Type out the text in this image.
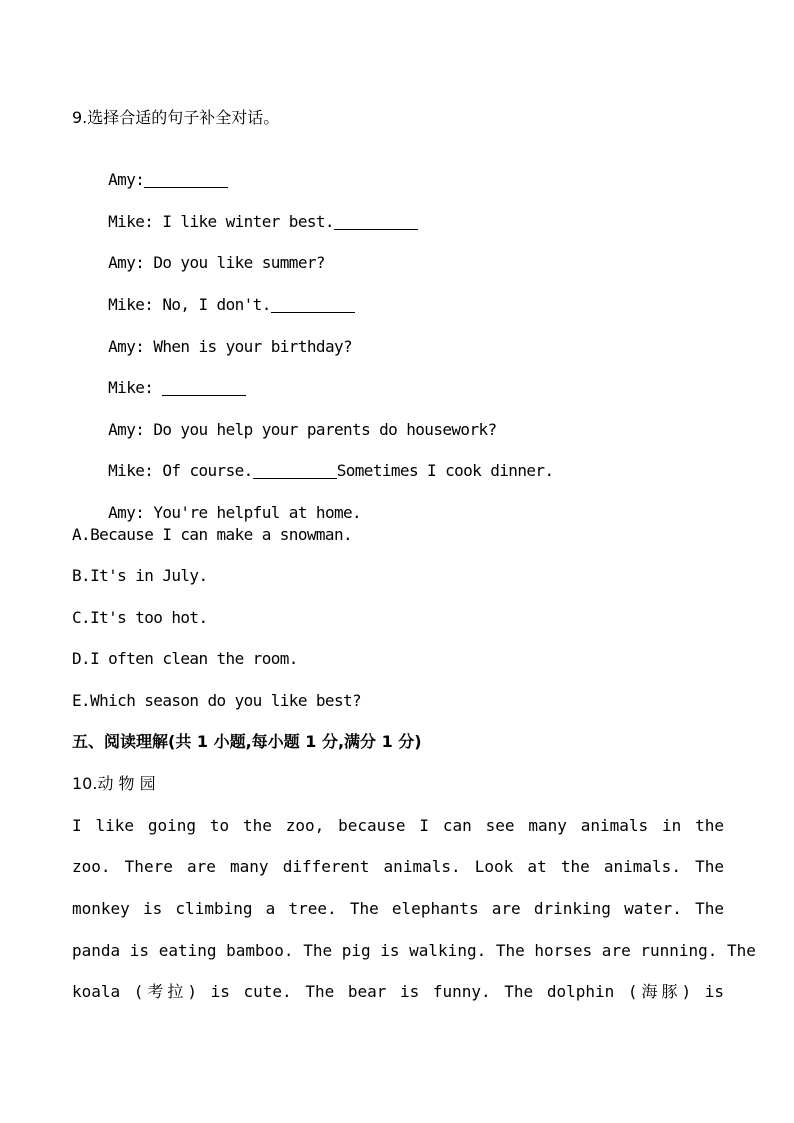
9.选择合适的句子补全对话。

Amy:

Mike: I like winter best.

Amy: Do you like summer?

Mike: No, I don't.

Amy: When is your birthday?

Mike:

Amy: Do you help your parents do housework?

Mike: Of course.	Sometimes I cook dinner.

Amy: You're helpful at home.

A.Because I can make a snowman.
B.It's in July.
C.It's too hot.
D.I often clean the room.
E.Which season do you like best?
五、阅读理解(共 1 小题,每小题 1 分,满分 1 分)
10.动 物 园
I like going to the zoo, because I can see many animals in the
zoo. There are many different animals. Look at the animals. The
monkey is climbing a tree. The elephants are drinking water. The
panda is eating bamboo. The pig is walking. The horses are running. The
koala (考拉) is cute. The bear is funny. The dolphin (海豚) is
